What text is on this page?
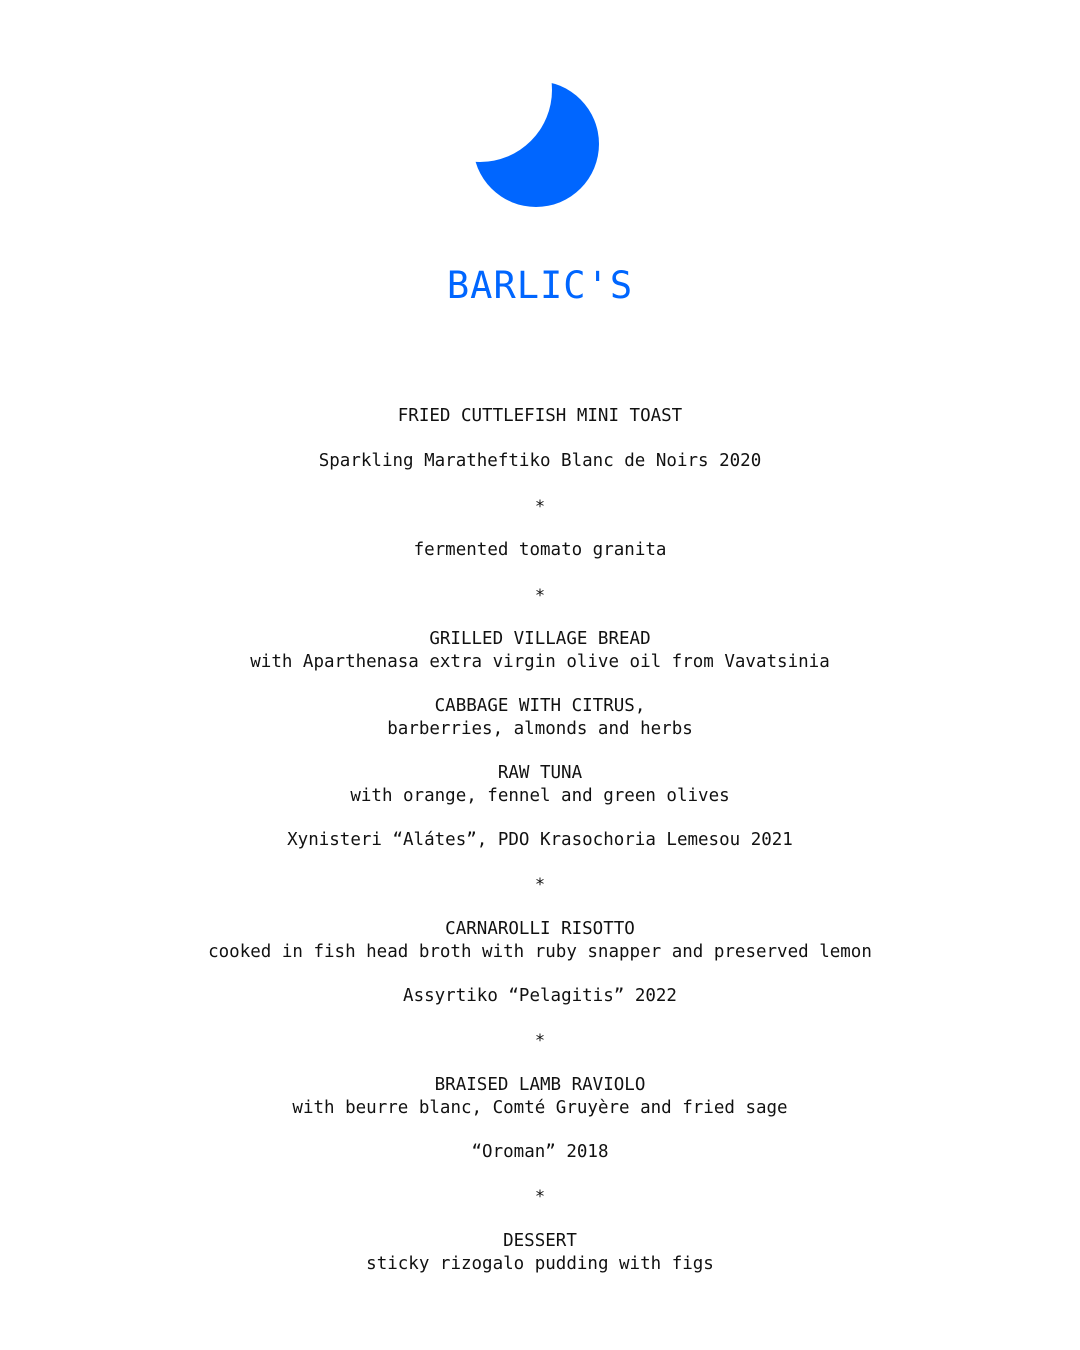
BARLIC'S
FRIED CUTTLEFISH MINI TOAST
Sparkling Maratheftiko Blanc de Noirs 2020
*
fermented tomato granita
*
GRILLED VILLAGE BREAD
with Aparthenasa extra virgin olive oil from Vavatsinia
CABBAGE WITH CITRUS,
barberries, almonds and herbs
RAW TUNA
with orange, fennel and green olives
Xynisteri “Alátes”, PDO Krasochoria Lemesou 2021
*
CARNAROLLI RISOTTO
cooked in fish head broth with ruby snapper and preserved lemon
Assyrtiko “Pelagitis” 2022
*
BRAISED LAMB RAVIOLO
with beurre blanc, Comté Gruyère and fried sage
“Oroman” 2018
*
DESSERT
sticky rizogalo pudding with figs
